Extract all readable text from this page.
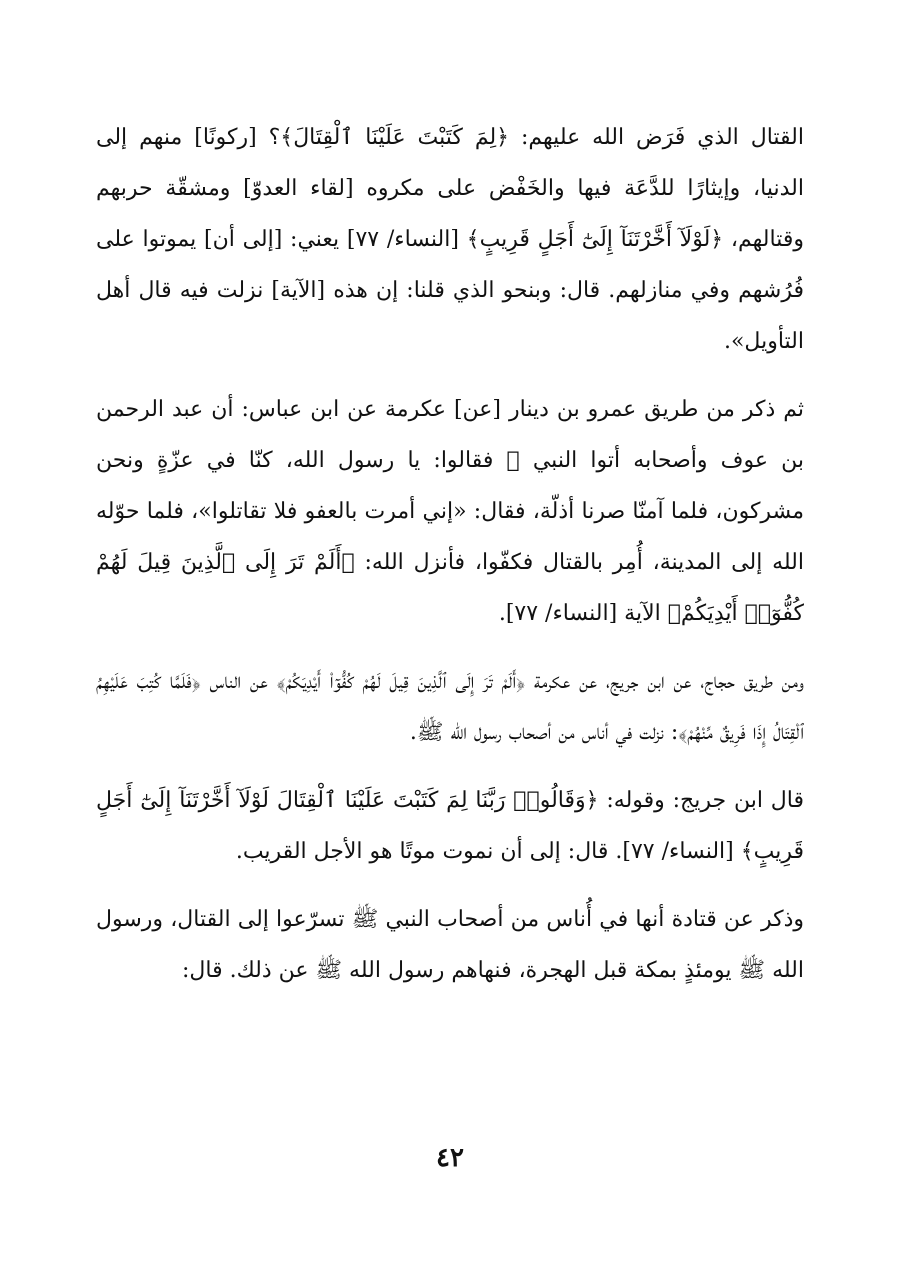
القتال الذي فَرَض الله عليهم: ﴿لِمَ كَتَبْتَ عَلَيْنَا ٱلْقِتَالَ﴾؟ [ركونًا] منهم إلى الدنيا، وإيثارًا للدَّعَة فيها والخَفْض على مكروه [لقاء العدوّ] ومشقّة حربهم وقتالهم، ﴿لَوْلَآ أَخَّرْتَنَآ إِلَىٰٓ أَجَلٍ قَرِيبٍ﴾ [النساء/ ٧٧] يعني: [إلى أن] يموتوا على فُرُشهم وفي منازلهم. قال: وبنحو الذي قلنا: إن هذه [الآية] نزلت فيه قال أهل التأويل».

ثم ذكر من طريق عمرو بن دينار [عن] عكرمة عن ابن عباس: أن عبد الرحمن بن عوف وأصحابه أتوا النبي ﷺ فقالوا: يا رسول الله، كنّا في عزّةٍ ونحن مشركون، فلما آمنّا صرنا أذلّة، فقال: «إني أمرت بالعفو فلا تقاتلوا»، فلما حوّله الله إلى المدينة، أُمِر بالقتال فكفّوا، فأنزل الله: ﴿أَلَمْ تَرَ إِلَى ٱلَّذِينَ قِيلَ لَهُمْ كُفُّوٓا۟ أَيْدِيَكُمْ﴾ الآية [النساء/ ٧٧].

ومن طريق حجاج، عن ابن جريج، عن عكرمة ﴿أَلَمْ تَرَ إِلَى ٱلَّذِينَ قِيلَ لَهُمْ كُفُّوٓا۟ أَيْدِيَكُمْ﴾ عن الناس ﴿فَلَمَّا كُتِبَ عَلَيْهِمُ ٱلْقِتَالُ إِذَا فَرِيقٌ مِّنْهُمْ﴾: نزلت في أناس من أصحاب رسول الله ﷺ.

قال ابن جريج: وقوله: ﴿وَقَالُوا۟ رَبَّنَا لِمَ كَتَبْتَ عَلَيْنَا ٱلْقِتَالَ لَوْلَآ أَخَّرْتَنَآ إِلَىٰٓ أَجَلٍ قَرِيبٍ﴾ [النساء/ ٧٧]. قال: إلى أن نموت موتًا هو الأجل القريب.

وذكر عن قتادة أنها في أُناس من أصحاب النبي ﷺ تسرّعوا إلى القتال، ورسول الله ﷺ يومئذٍ بمكة قبل الهجرة، فنهاهم رسول الله ﷺ عن ذلك. قال:

٤٢
